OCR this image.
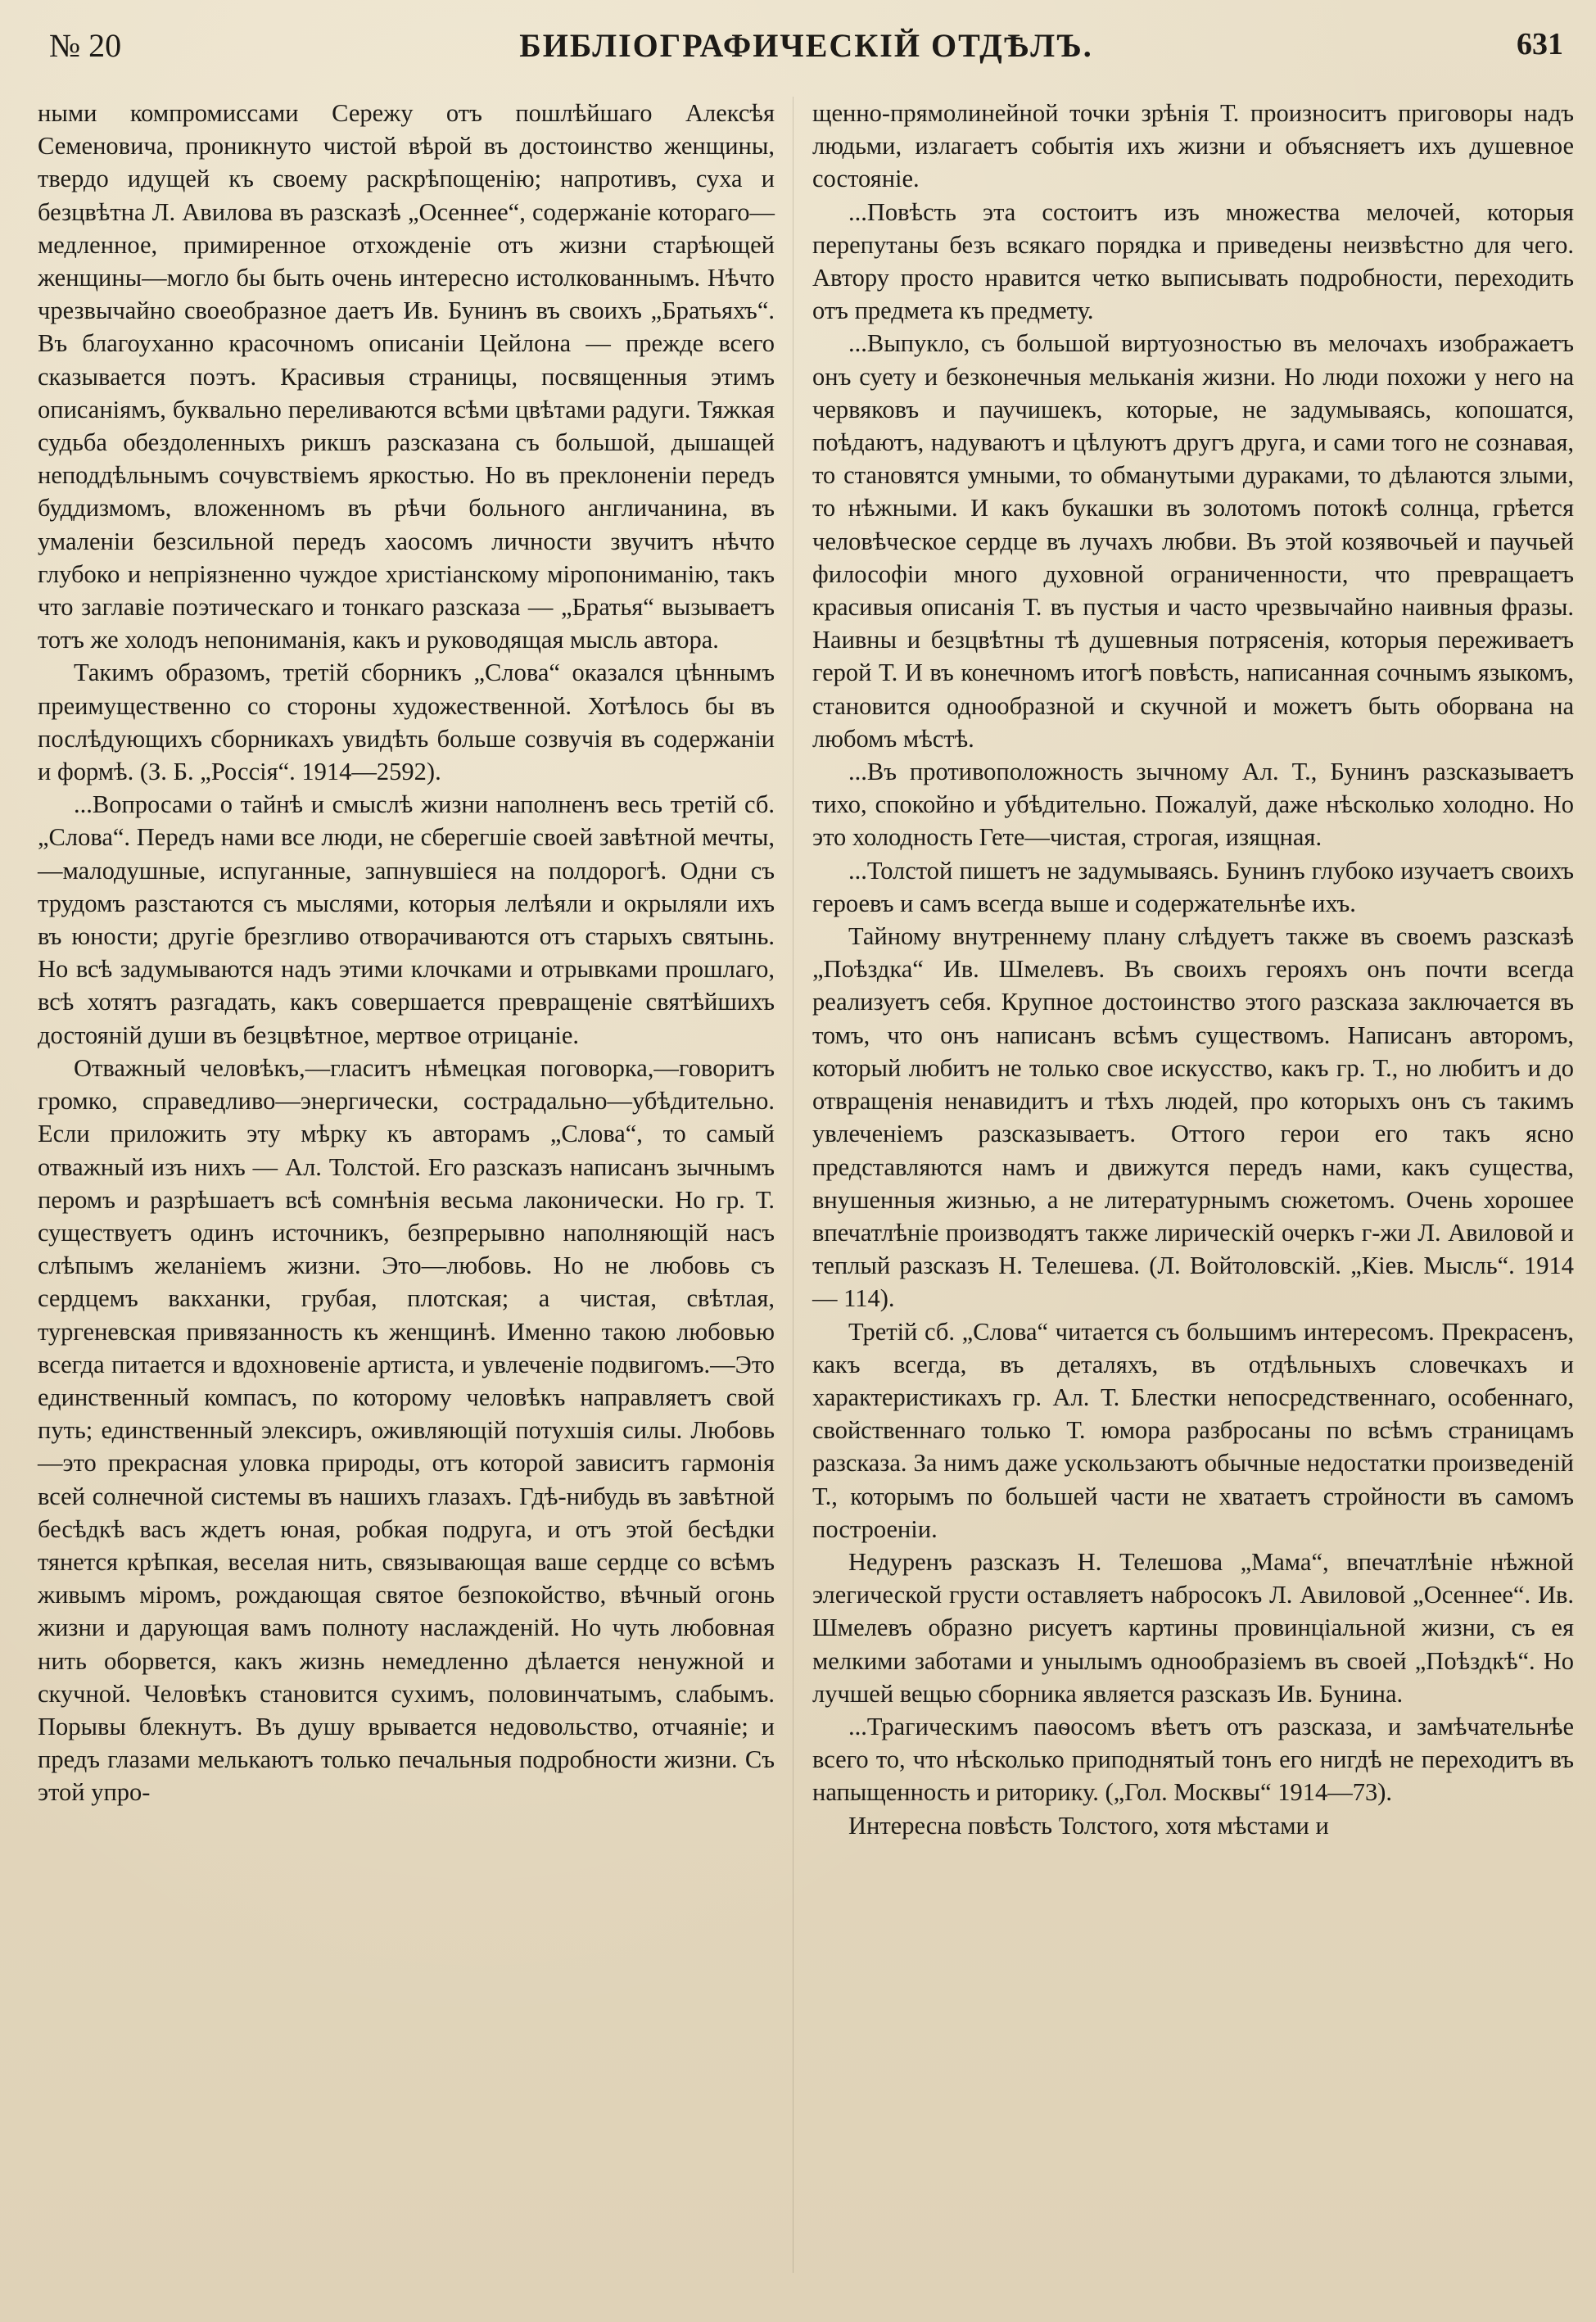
№ 20	БИБЛІОГРАФИЧЕСКІЙ ОТДѢЛЪ.	631

ными компромиссами Сережу отъ пошлѣйшаго Алексѣя Семеновича, проникнуто чистой вѣрой въ достоинство женщины, твердо идущей къ своему раскрѣпощенію; напротивъ, суха и безцвѣтна Л. Авилова въ разсказѣ „Осеннее“, содержаніе котораго—медленное, примиренное отхожденіе отъ жизни старѣющей женщины—могло бы быть очень интересно истолкованнымъ. Нѣчто чрезвычайно своеобразное даетъ Ив. Бунинъ въ своихъ „Братьяхъ“. Въ благоуханно красочномъ описаніи Цейлона — прежде всего сказывается поэтъ. Красивыя страницы, посвященныя этимъ описаніямъ, буквально переливаются всѣми цвѣтами радуги. Тяжкая судьба обездоленныхъ рикшъ разсказана съ большой, дышащей неподдѣльнымъ сочувствіемъ яркостью. Но въ преклоненіи передъ буддизмомъ, вложенномъ въ рѣчи больного англичанина, въ умаленіи безсильной передъ хаосомъ личности звучитъ нѣчто глубоко и непріязненно чуждое христіанскому міропониманію, такъ что заглавіе поэтическаго и тонкаго разсказа — „Братья“ вызываетъ тотъ же холодъ непониманія, какъ и руководящая мысль автора.

Такимъ образомъ, третій сборникъ „Слова“ оказался цѣннымъ преимущественно со стороны художественной. Хотѣлось бы въ послѣдующихъ сборникахъ увидѣть больше созвучія въ содержаніи и формѣ. (З. Б. „Россія“. 1914—2592).

...Вопросами о тайнѣ и смыслѣ жизни наполненъ весь третій сб. „Слова“. Передъ нами все люди, не сберегшіе своей завѣтной мечты,—малодушные, испуганные, запнувшіеся на полдорогѣ. Одни съ трудомъ разстаются съ мыслями, которыя лелѣяли и окрыляли ихъ въ юности; другіе брезгливо отворачиваются отъ старыхъ святынь. Но всѣ задумываются надъ этими клочками и отрывками прошлаго, всѣ хотятъ разгадать, какъ совершается превращеніе святѣйшихъ достояній души въ безцвѣтное, мертвое отрицаніе.

Отважный человѣкъ,—гласитъ нѣмецкая поговорка,—говоритъ громко, справедливо—энергически, сострадально—убѣдительно. Если приложить эту мѣрку къ авторамъ „Слова“, то самый отважный изъ нихъ — Ал. Толстой. Его разсказъ написанъ зычнымъ перомъ и разрѣшаетъ всѣ сомнѣнія весьма лаконически. Но гр. Т. существуетъ одинъ источникъ, безпрерывно наполняющій насъ слѣпымъ желаніемъ жизни. Это—любовь. Но не любовь съ сердцемъ вакханки, грубая, плотская; а чистая, свѣтлая, тургеневская привязанность къ женщинѣ. Именно такою любовью всегда питается и вдохновеніе артиста, и увлеченіе подвигомъ.—Это единственный компасъ, по которому человѣкъ направляетъ свой путь; единственный элексиръ, оживляющій потухшія силы. Любовь—это прекрасная уловка природы, отъ которой зависитъ гармонія всей солнечной системы въ нашихъ глазахъ. Гдѣ-нибудь въ завѣтной бесѣдкѣ васъ ждетъ юная, робкая подруга, и отъ этой бесѣдки тянется крѣпкая, веселая нить, связывающая ваше сердце со всѣмъ живымъ міромъ, рождающая святое безпокойство, вѣчный огонь жизни и дарующая вамъ полноту наслажденій. Но чуть любовная нить оборвется, какъ жизнь немедленно дѣлается ненужной и скучной. Человѣкъ становится сухимъ, половинчатымъ, слабымъ. Порывы блекнутъ. Въ душу врывается недовольство, отчаяніе; и предъ глазами мелькаютъ только печальныя подробности жизни. Съ этой упро-

щенно-прямолинейной точки зрѣнія Т. произноситъ приговоры надъ людьми, излагаетъ событія ихъ жизни и объясняетъ ихъ душевное состояніе.

...Повѣсть эта состоитъ изъ множества мелочей, которыя перепутаны безъ всякаго порядка и приведены неизвѣстно для чего. Автору просто нравится четко выписывать подробности, переходить отъ предмета къ предмету.

...Выпукло, съ большой виртуозностью въ мелочахъ изображаетъ онъ суету и безконечныя мельканія жизни. Но люди похожи у него на червяковъ и паучишекъ, которые, не задумываясь, копошатся, поѣдаютъ, надуваютъ и цѣлуютъ другъ друга, и сами того не сознавая, то становятся умными, то обманутыми дураками, то дѣлаются злыми, то нѣжными. И какъ букашки въ золотомъ потокѣ солнца, грѣется человѣческое сердце въ лучахъ любви. Въ этой козявочьей и паучьей философіи много духовной ограниченности, что превращаетъ красивыя описанія Т. въ пустыя и часто чрезвычайно наивныя фразы. Наивны и безцвѣтны тѣ душевныя потрясенія, которыя переживаетъ герой Т. И въ конечномъ итогѣ повѣсть, написанная сочнымъ языкомъ, становится однообразной и скучной и можетъ быть оборвана на любомъ мѣстѣ.

...Въ противоположность зычному Ал. Т., Бунинъ разсказываетъ тихо, спокойно и убѣдительно. Пожалуй, даже нѣсколько холодно. Но это холодность Гете—чистая, строгая, изящная.

...Толстой пишетъ не задумываясь. Бунинъ глубоко изучаетъ своихъ героевъ и самъ всегда выше и содержательнѣе ихъ.

Тайному внутреннему плану слѣдуетъ также въ своемъ разсказѣ „Поѣздка“ Ив. Шмелевъ. Въ своихъ герояхъ онъ почти всегда реализуетъ себя. Крупное достоинство этого разсказа заключается въ томъ, что онъ написанъ всѣмъ существомъ. Написанъ авторомъ, который любитъ не только свое искусство, какъ гр. Т., но любитъ и до отвращенія ненавидитъ и тѣхъ людей, про которыхъ онъ съ такимъ увлеченіемъ разсказываетъ. Оттого герои его такъ ясно представляются намъ и движутся передъ нами, какъ существа, внушенныя жизнью, а не литературнымъ сюжетомъ. Очень хорошее впечатлѣніе производятъ также лирическій очеркъ г-жи Л. Авиловой и теплый разсказъ Н. Телешева. (Л. Войтоловскій. „Кіев. Мысль“. 1914 — 114).

Третій сб. „Слова“ читается съ большимъ интересомъ. Прекрасенъ, какъ всегда, въ деталяхъ, въ отдѣльныхъ словечкахъ и характеристикахъ гр. Ал. Т. Блестки непосредственнаго, особеннаго, свойственнаго только Т. юмора разбросаны по всѣмъ страницамъ разсказа. За нимъ даже ускользаютъ обычные недостатки произведеній Т., которымъ по большей части не хватаетъ стройности въ самомъ построеніи.

Недуренъ разсказъ Н. Телешова „Мама“, впечатлѣніе нѣжной элегической грусти оставляетъ набросокъ Л. Авиловой „Осеннее“. Ив. Шмелевъ образно рисуетъ картины провинціальной жизни, съ ея мелкими заботами и унылымъ однообразіемъ въ своей „Поѣздкѣ“. Но лучшей вещью сборника является разсказъ Ив. Бунина.

...Трагическимъ паѳосомъ вѣетъ отъ разсказа, и замѣчательнѣе всего то, что нѣсколько приподнятый тонъ его нигдѣ не переходитъ въ напыщенность и риторику. („Гол. Москвы“ 1914—73).

Интересна повѣсть Толстого, хотя мѣстами и
